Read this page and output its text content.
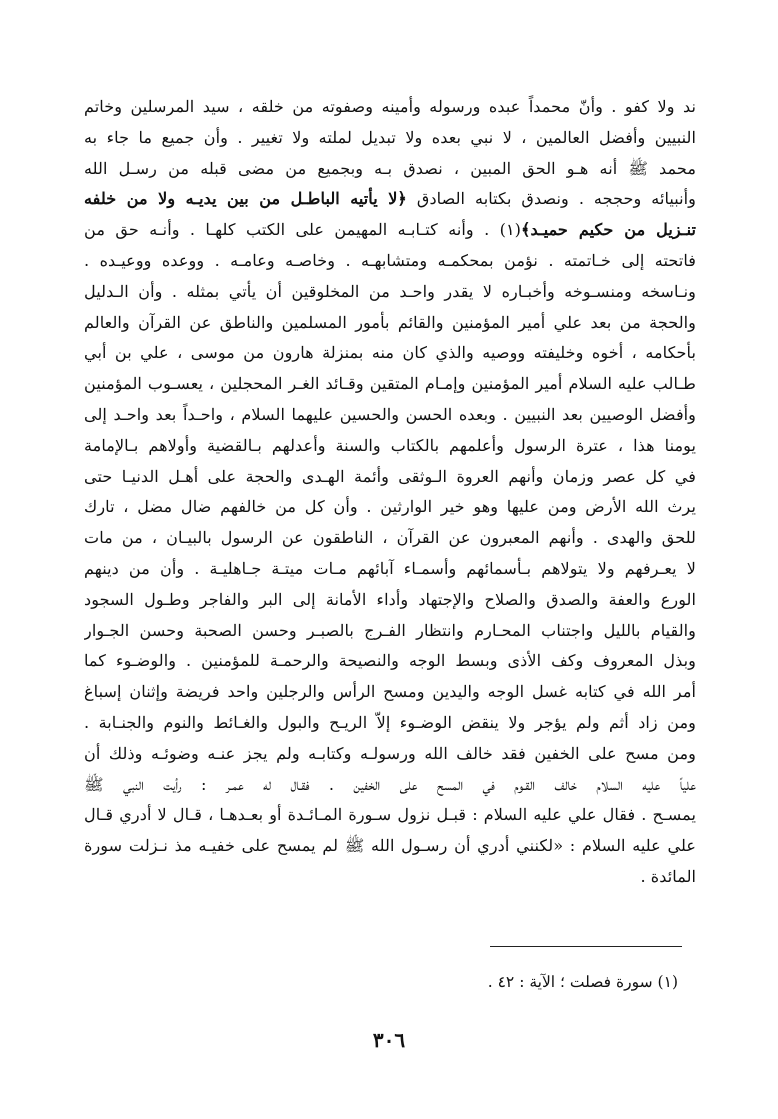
ند ولا كفو . وأنّ محمداً عبده ورسوله وأمينه وصفوته من خلقه ، سيد المرسلين وخاتم
النبيين وأفضل العالمين ، لا نبي بعده ولا تبديل لملته ولا تغيير . وأن جميع ما جاء به
محمد ﷺ أنه هـو الحق المبين ، نصدق بـه وبجميع من مضى قبله من رسـل الله
وأنبيائه وحججه . ونصدق بكتابه الصادق ﴿لا يأتيه الباطـل من بين يديـه ولا من خلفه
تنـزيل من حكيم حميـد﴾(١) . وأنه كتـابـه المهيمن على الكتب كلهـا . وأنـه حق من
فاتحته إلى خـاتمته . نؤمن بمحكمـه ومتشابهـه . وخاصـه وعامـه . ووعده ووعيـده .
ونـاسخه ومنسـوخه وأخبـاره لا يقدر واحـد من المخلوقين أن يأتي بمثله . وأن الـدليل
والحجة من بعد علي أمير المؤمنين والقائم بأمور المسلمين والناطق عن القرآن والعالم
بأحكامه ، أخوه وخليفته ووصيه والذي كان منه بمنزلة هارون من موسى ، علي بن أبي
طـالب عليه السلام أمير المؤمنين وإمـام المتقين وقـائد الغـر المحجلين ، يعسـوب المؤمنين
وأفضل الوصيين بعد النبيين . وبعده الحسن والحسين عليهما السلام ، واحـداً بعد واحـد إلى
يومنا هذا ، عترة الرسول وأعلمهم بالكتاب والسنة وأعدلهم بـالقضية وأولاهم بـالإمامة
في كل عصر وزمان وأنهم العروة الـوثقى وأئمة الهـدى والحجة على أهـل الدنيـا حتى
يرث الله الأرض ومن عليها وهو خير الوارثين . وأن كل من خالفهم ضال مضل ، تارك
للحق والهدى . وأنهم المعبرون عن القرآن ، الناطقون عن الرسول بالبيـان ، من مات
لا يعـرفهم ولا يتولاهم بـأسمائهم وأسمـاء آبائهم مـات ميتـة جـاهليـة . وأن من دينهم
الورع والعفة والصدق والصلاح والإجتهاد وأداء الأمانة إلى البر والفاجر وطـول السجود
والقيام بالليل واجتناب المحـارم وانتظار الفـرج بالصبـر وحسن الصحبة وحسن الجـوار
وبذل المعروف وكف الأذى وبسط الوجه والنصيحة والرحمـة للمؤمنين . والوضـوء كما
أمر الله في كتابه غسل الوجه واليدين ومسح الرأس والرجلين واحد فريضة وإثنان إسباغ
ومن زاد أثم ولم يؤجر ولا ينقض الوضـوء إلاّ الريـح والبول والغـائط والنوم والجنـابة .
ومن مسح على الخفين فقد خالف الله ورسولـه وكتابـه ولم يجز عنـه وضوئـه وذلك أن
علياً عليه السلام خالف القـوم في المسح على الخفين . فقـال له عمـر : رأيت النبي ﷺ
يمسـح . فقال علي عليه السلام : قبـل نزول سـورة المـائـدة أو بعـدهـا ، قـال لا أدري قـال
علي عليه السلام : «لكنني أدري أن رسـول الله ﷺ لم يمسح على خفيـه مذ نـزلت سورة
المائدة .
(١) سورة فصلت ؛ الآية : ٤٢ .
٣٠٦
